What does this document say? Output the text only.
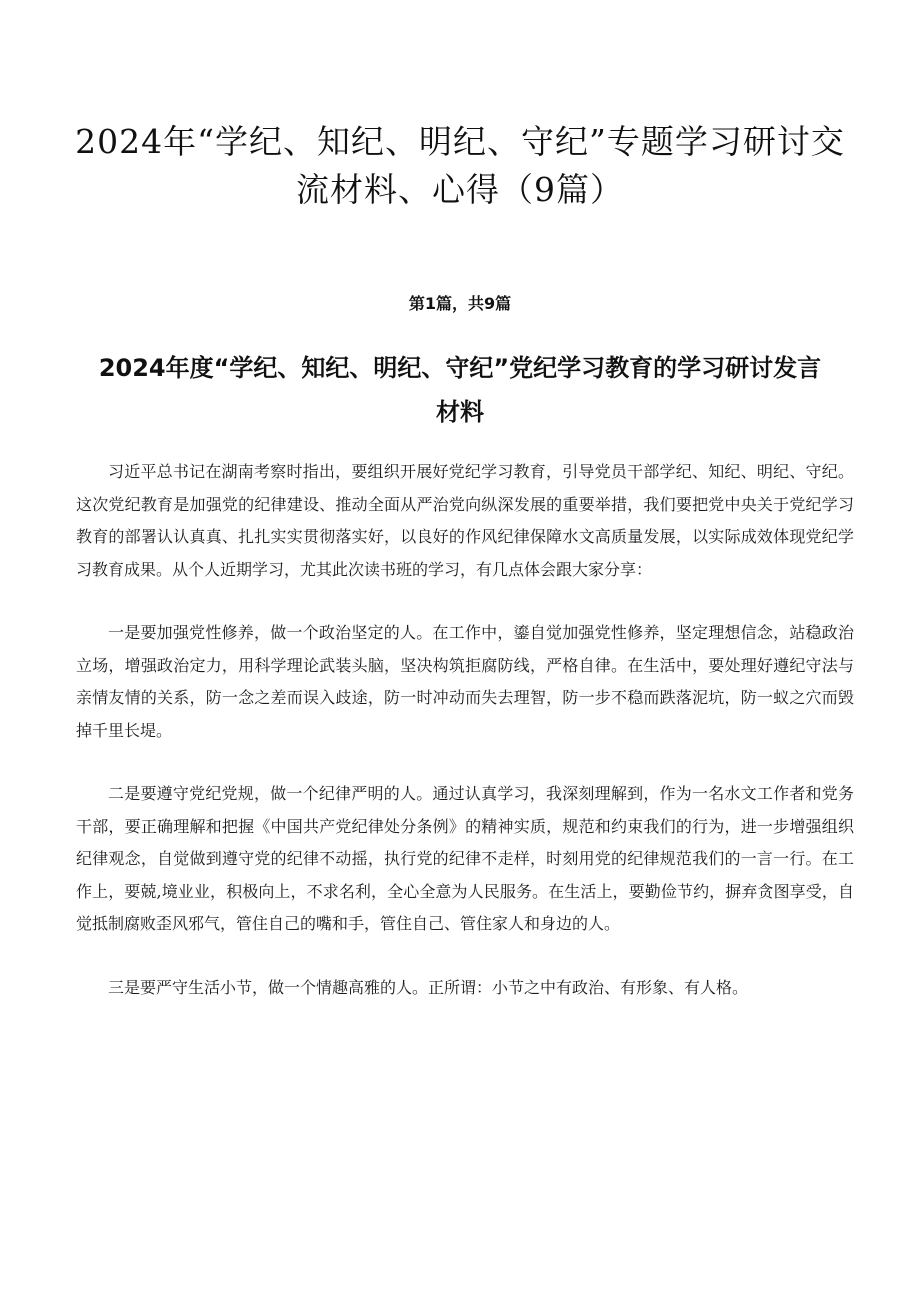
2024年“学纪、知纪、明纪、守纪”专题学习研讨交流材料、心得（9篇）
第1篇，共9篇
2024年度“学纪、知纪、明纪、守纪”党纪学习教育的学习研讨发言材料

习近平总书记在湖南考察时指出，要组织开展好党纪学习教育，引导党员干部学纪、知纪、明纪、守纪。这次党纪教育是加强党的纪律建设、推动全面从严治党向纵深发展的重要举措，我们要把党中央关于党纪学习教育的部署认认真真、扎扎实实贯彻落实好，以良好的作风纪律保障水文高质量发展，以实际成效体现党纪学习教育成果。从个人近期学习，尤其此次读书班的学习，有几点体会跟大家分享：

一是要加强党性修养，做一个政治坚定的人。在工作中，鎏自觉加强党性修养，坚定理想信念，站稳政治立场，增强政治定力，用科学理论武装头脑，坚决构筑拒腐防线，严格自律。在生活中，要处理好遵纪守法与亲情友情的关系，防一念之差而误入歧途，防一时冲动而失去理智，防一步不稳而跌落泥坑，防一蚁之穴而毁掉千里长堤。

二是要遵守党纪党规，做一个纪律严明的人。通过认真学习，我深刻理解到，作为一名水文工作者和党务干部，要正确理解和把握《中国共产党纪律处分条例》的精神实质，规范和约束我们的行为，进一步增强组织纪律观念，自觉做到遵守党的纪律不动摇，执行党的纪律不走样，时刻用党的纪律规范我们的一言一行。在工作上，要兢,境业业，积极向上，不求名利，全心全意为人民服务。在生活上，要勤俭节约，摒弃贪图享受，自觉抵制腐败歪风邪气，管住自己的嘴和手，管住自己、管住家人和身边的人。

三是要严守生活小节，做一个情趣高雅的人。正所谓：小节之中有政治、有形象、有人格。
